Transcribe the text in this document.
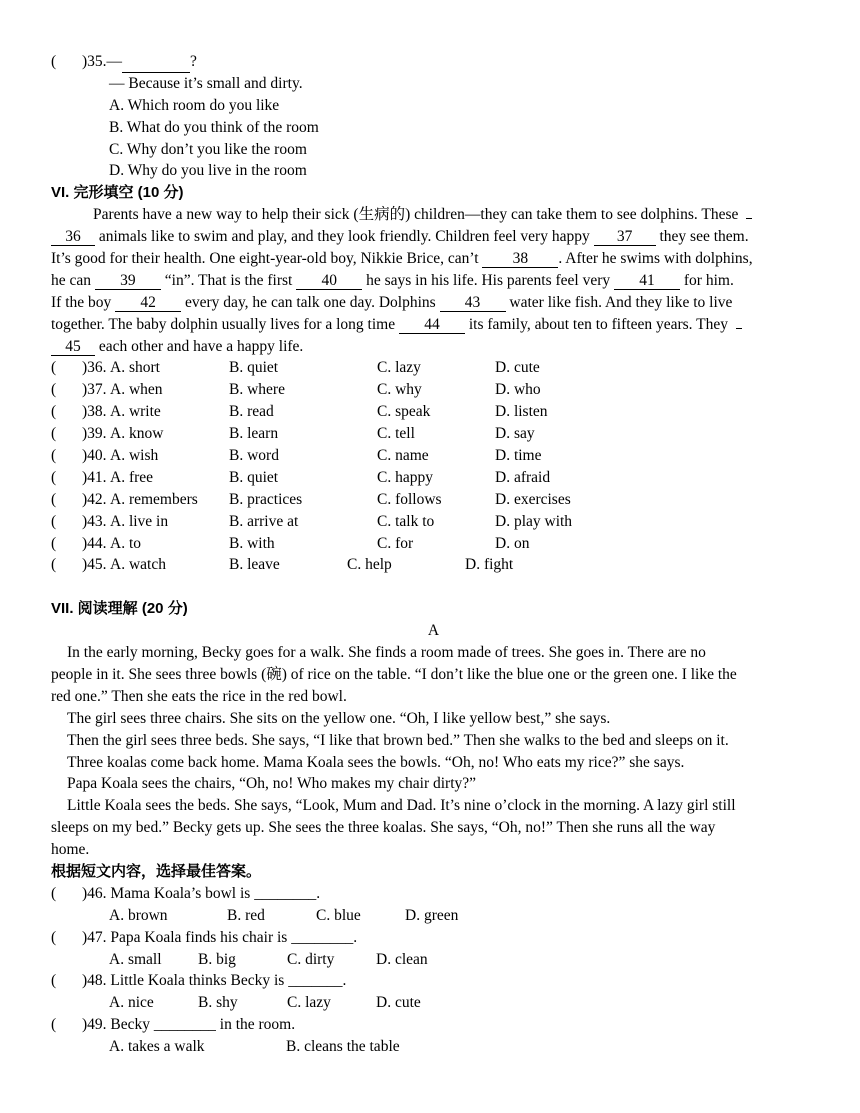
(	)35.—	?
— Because it’s small and dirty.
A. Which room do you like
B. What do you think of the room
C. Why don’t you like the room
D. Why do you live in the room
VI. 完形填空 (10 分)
Parents have a new way to help their sick (生病的) children—they can take them to see dolphins. These
36 animals like to swim and play, and they look friendly. Children feel very happy 37 they see them.
It’s good for their health. One eight-year-old boy, Nikkie Brice, can’t 38 . After he swims with dolphins,
he can 39 “in”. That is the first 40 he says in his life. His parents feel very 41 for him.
If the boy 42 every day, he can talk one day. Dolphins 43 water like fish. And they like to live
together. The baby dolphin usually lives for a long time 44 its family, about ten to fifteen years. They
45 each other and have a happy life.
(	)36. A. short	B. quiet	C. lazy	D. cute
(	)37. A. when	B. where	C. why	D. who
(	)38. A. write	B. read	C. speak	D. listen
(	)39. A. know	B. learn	C. tell	D. say
(	)40. A. wish	B. word	C. name	D. time
(	)41. A. free	B. quiet	C. happy	D. afraid
(	)42. A. remembers	B. practices	C. follows	D. exercises
(	)43. A. live in	B. arrive at	C. talk to	D. play with
(	)44. A. to	B. with	C. for	D. on
(	)45. A. watch	B. leave	C. help	D. fight
VII. 阅读理解 (20 分)
A
In the early morning, Becky goes for a walk. She finds a room made of trees. She goes in. There are no
people in it. She sees three bowls (碗) of rice on the table. “I don’t like the blue one or the green one. I like the
red one.” Then she eats the rice in the red bowl.
The girl sees three chairs. She sits on the yellow one. “Oh, I like yellow best,” she says.
Then the girl sees three beds. She says, “I like that brown bed.” Then she walks to the bed and sleeps on it.
Three koalas come back home. Mama Koala sees the bowls. “Oh, no! Who eats my rice?” she says.
Papa Koala sees the chairs, “Oh, no! Who makes my chair dirty?”
Little Koala sees the beds. She says, “Look, Mum and Dad. It’s nine o’clock in the morning. A lazy girl still
sleeps on my bed.” Becky gets up. She sees the three koalas. She says, “Oh, no!” Then she runs all the way
home.
根据短文内容，选择最佳答案。
(	)46. Mama Koala’s bowl is ________.
A. brown	B. red	C. blue	D. green
(	)47. Papa Koala finds his chair is ________.
A. small	B. big	C. dirty	D. clean
(	)48. Little Koala thinks Becky is _______.
A. nice	B. shy	C. lazy	D. cute
(	)49. Becky ________ in the room.
A. takes a walk	B. cleans the table
